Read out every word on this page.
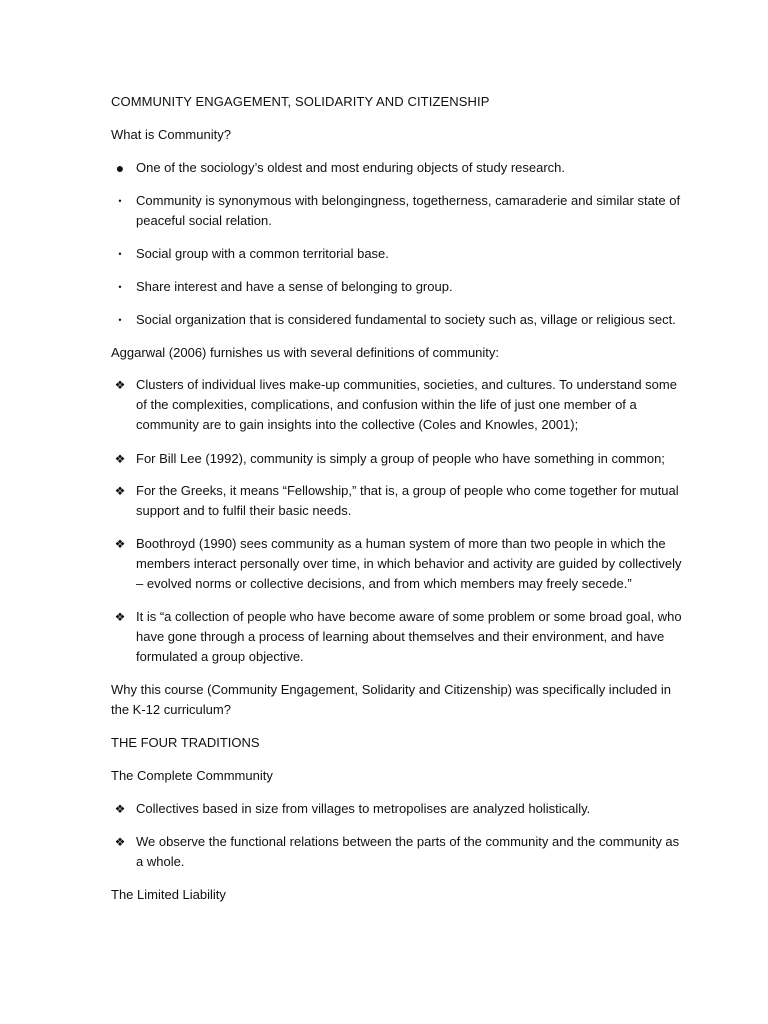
COMMUNITY ENGAGEMENT, SOLIDARITY AND CITIZENSHIP
What is Community?
● One of the sociology’s oldest and most enduring objects of study research.
•	Community is synonymous with belongingness, togetherness, camaraderie and similar state of peaceful social relation.
•	Social group with a common territorial base.
•	Share interest and have a sense of belonging to group.
•	Social organization that is considered fundamental to society such as, village or religious sect.
Aggarwal (2006) furnishes us with several definitions of community:
❖ Clusters of individual lives make-up communities, societies, and cultures. To understand some of the complexities, complications, and confusion within the life of just one member of a community are to gain insights into the collective (Coles and Knowles, 2001);
❖ For Bill Lee (1992), community is simply a group of people who have something in common;
❖ For the Greeks, it means “Fellowship,” that is, a group of people who come together for mutual support and to fulfil their basic needs.
❖ Boothroyd (1990) sees community as a human system of more than two people in which the members interact personally over time, in which behavior and activity are guided by collectively – evolved norms or collective decisions, and from which members may freely secede.”
❖ It is “a collection of people who have become aware of some problem or some broad goal, who have gone through a process of learning about themselves and their environment, and have formulated a group objective.
Why this course (Community Engagement, Solidarity and Citizenship) was specifically included in the K-12 curriculum?
THE FOUR TRADITIONS
The Complete Commmunity
❖ Collectives based in size from villages to metropolises are analyzed holistically.
❖ We observe the functional relations between the parts of the community and the community as a whole.
The Limited Liability
